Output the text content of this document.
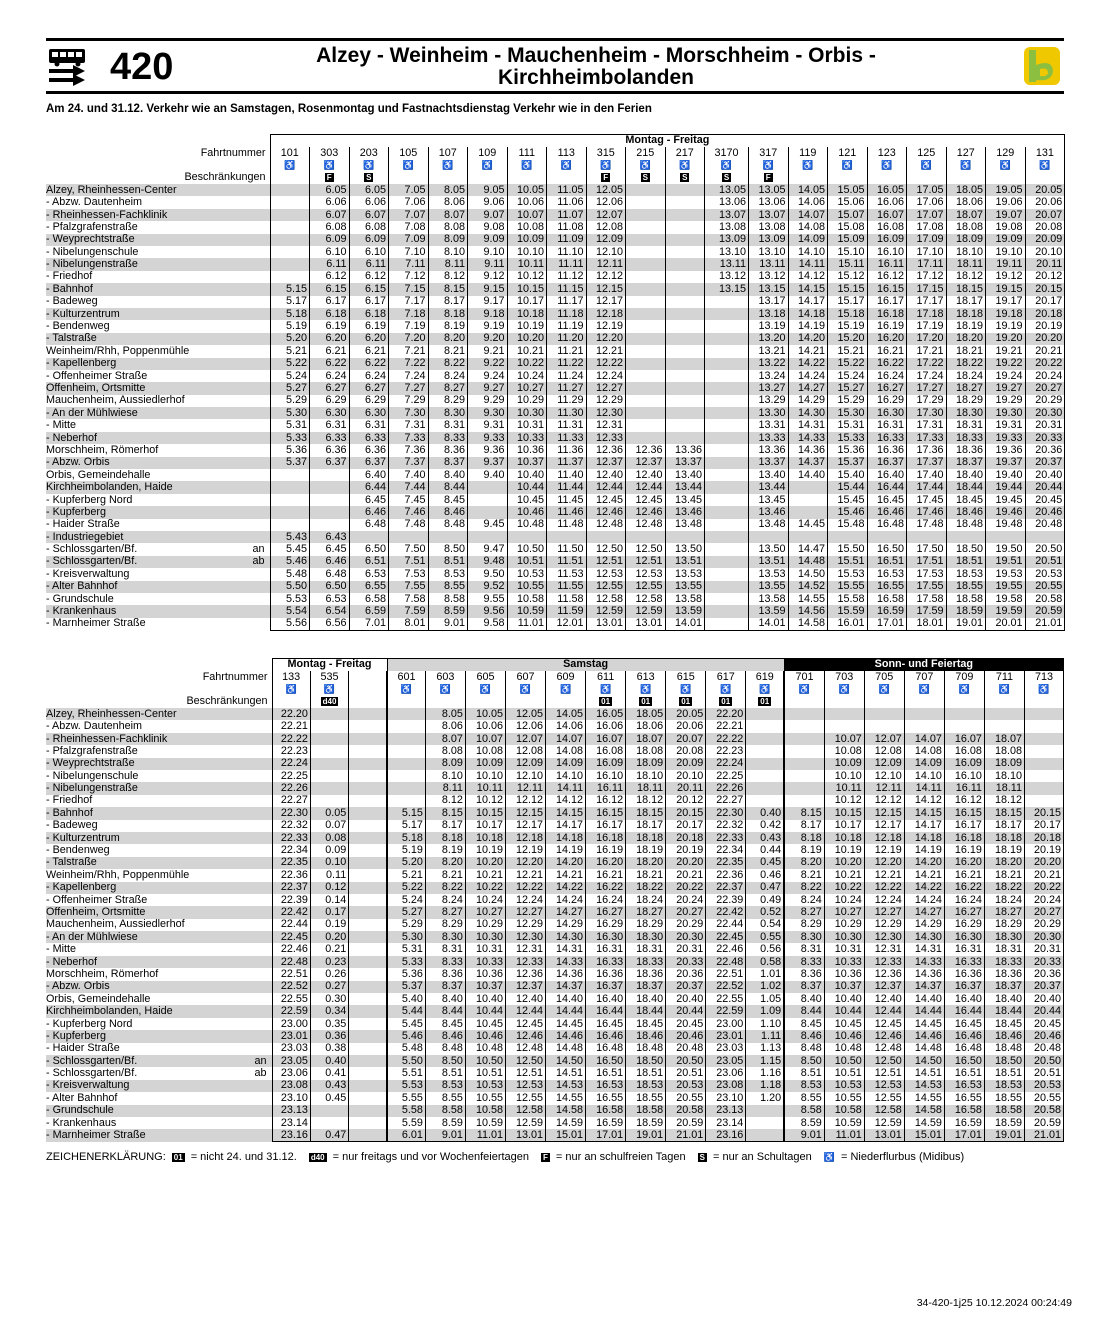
420	Alzey - Weinheim - Mauchenheim - Morschheim - Orbis -
Kirchheimbolanden
Am 24. und 31.12. Verkehr wie an Samstagen, Rosenmontag und Fastnachtsdienstag Verkehr wie in den Ferien
	Montag - Freitag																			
Fahrtnummer	101	303	203	105	107	109	111	113	315	215	217	3170	317	119	121	123	125	127	129	131
	♿	♿	♿	♿	♿	♿	♿	♿	♿	♿	♿	♿	♿	♿	♿	♿	♿	♿	♿	♿
Beschränkungen		F	S						F	S	S	S	F							
Alzey, Rheinhessen-Center		6.05	6.05	7.05	8.05	9.05	10.05	11.05	12.05			13.05	13.05	14.05	15.05	16.05	17.05	18.05	19.05	20.05
- Abzw. Dautenheim		6.06	6.06	7.06	8.06	9.06	10.06	11.06	12.06			13.06	13.06	14.06	15.06	16.06	17.06	18.06	19.06	20.06
- Rheinhessen-Fachklinik		6.07	6.07	7.07	8.07	9.07	10.07	11.07	12.07			13.07	13.07	14.07	15.07	16.07	17.07	18.07	19.07	20.07
- Pfalzgrafenstraße		6.08	6.08	7.08	8.08	9.08	10.08	11.08	12.08			13.08	13.08	14.08	15.08	16.08	17.08	18.08	19.08	20.08
- Weyprechtstraße		6.09	6.09	7.09	8.09	9.09	10.09	11.09	12.09			13.09	13.09	14.09	15.09	16.09	17.09	18.09	19.09	20.09
- Nibelungenschule		6.10	6.10	7.10	8.10	9.10	10.10	11.10	12.10			13.10	13.10	14.10	15.10	16.10	17.10	18.10	19.10	20.10
- Nibelungenstraße		6.11	6.11	7.11	8.11	9.11	10.11	11.11	12.11			13.11	13.11	14.11	15.11	16.11	17.11	18.11	19.11	20.11
- Friedhof		6.12	6.12	7.12	8.12	9.12	10.12	11.12	12.12			13.12	13.12	14.12	15.12	16.12	17.12	18.12	19.12	20.12
- Bahnhof	5.15	6.15	6.15	7.15	8.15	9.15	10.15	11.15	12.15			13.15	13.15	14.15	15.15	16.15	17.15	18.15	19.15	20.15
- Badeweg	5.17	6.17	6.17	7.17	8.17	9.17	10.17	11.17	12.17				13.17	14.17	15.17	16.17	17.17	18.17	19.17	20.17
- Kulturzentrum	5.18	6.18	6.18	7.18	8.18	9.18	10.18	11.18	12.18				13.18	14.18	15.18	16.18	17.18	18.18	19.18	20.18
- Bendenweg	5.19	6.19	6.19	7.19	8.19	9.19	10.19	11.19	12.19				13.19	14.19	15.19	16.19	17.19	18.19	19.19	20.19
- Talstraße	5.20	6.20	6.20	7.20	8.20	9.20	10.20	11.20	12.20				13.20	14.20	15.20	16.20	17.20	18.20	19.20	20.20
Weinheim/Rhh, Poppenmühle	5.21	6.21	6.21	7.21	8.21	9.21	10.21	11.21	12.21				13.21	14.21	15.21	16.21	17.21	18.21	19.21	20.21
- Kapellenberg	5.22	6.22	6.22	7.22	8.22	9.22	10.22	11.22	12.22				13.22	14.22	15.22	16.22	17.22	18.22	19.22	20.22
- Offenheimer Straße	5.24	6.24	6.24	7.24	8.24	9.24	10.24	11.24	12.24				13.24	14.24	15.24	16.24	17.24	18.24	19.24	20.24
Offenheim, Ortsmitte	5.27	6.27	6.27	7.27	8.27	9.27	10.27	11.27	12.27				13.27	14.27	15.27	16.27	17.27	18.27	19.27	20.27
Mauchenheim, Aussiedlerhof	5.29	6.29	6.29	7.29	8.29	9.29	10.29	11.29	12.29				13.29	14.29	15.29	16.29	17.29	18.29	19.29	20.29
- An der Mühlwiese	5.30	6.30	6.30	7.30	8.30	9.30	10.30	11.30	12.30				13.30	14.30	15.30	16.30	17.30	18.30	19.30	20.30
- Mitte	5.31	6.31	6.31	7.31	8.31	9.31	10.31	11.31	12.31				13.31	14.31	15.31	16.31	17.31	18.31	19.31	20.31
- Neberhof	5.33	6.33	6.33	7.33	8.33	9.33	10.33	11.33	12.33				13.33	14.33	15.33	16.33	17.33	18.33	19.33	20.33
Morschheim, Römerhof	5.36	6.36	6.36	7.36	8.36	9.36	10.36	11.36	12.36	12.36	13.36		13.36	14.36	15.36	16.36	17.36	18.36	19.36	20.36
- Abzw. Orbis	5.37	6.37	6.37	7.37	8.37	9.37	10.37	11.37	12.37	12.37	13.37		13.37	14.37	15.37	16.37	17.37	18.37	19.37	20.37
Orbis, Gemeindehalle			6.40	7.40	8.40	9.40	10.40	11.40	12.40	12.40	13.40		13.40	14.40	15.40	16.40	17.40	18.40	19.40	20.40
Kirchheimbolanden, Haide			6.44	7.44	8.44		10.44	11.44	12.44	12.44	13.44		13.44		15.44	16.44	17.44	18.44	19.44	20.44
- Kupferberg Nord			6.45	7.45	8.45		10.45	11.45	12.45	12.45	13.45		13.45		15.45	16.45	17.45	18.45	19.45	20.45
- Kupferberg			6.46	7.46	8.46		10.46	11.46	12.46	12.46	13.46		13.46		15.46	16.46	17.46	18.46	19.46	20.46
- Haider Straße			6.48	7.48	8.48	9.45	10.48	11.48	12.48	12.48	13.48		13.48	14.45	15.48	16.48	17.48	18.48	19.48	20.48
- Industriegebiet	5.43	6.43																		
- Schlossgarten/Bf. an	5.45	6.45	6.50	7.50	8.50	9.47	10.50	11.50	12.50	12.50	13.50		13.50	14.47	15.50	16.50	17.50	18.50	19.50	20.50
- Schlossgarten/Bf. ab	5.46	6.46	6.51	7.51	8.51	9.48	10.51	11.51	12.51	12.51	13.51		13.51	14.48	15.51	16.51	17.51	18.51	19.51	20.51
- Kreisverwaltung	5.48	6.48	6.53	7.53	8.53	9.50	10.53	11.53	12.53	12.53	13.53		13.53	14.50	15.53	16.53	17.53	18.53	19.53	20.53
- Alter Bahnhof	5.50	6.50	6.55	7.55	8.55	9.52	10.55	11.55	12.55	12.55	13.55		13.55	14.52	15.55	16.55	17.55	18.55	19.55	20.55
- Grundschule	5.53	6.53	6.58	7.58	8.58	9.55	10.58	11.58	12.58	12.58	13.58		13.58	14.55	15.58	16.58	17.58	18.58	19.58	20.58
- Krankenhaus	5.54	6.54	6.59	7.59	8.59	9.56	10.59	11.59	12.59	12.59	13.59		13.59	14.56	15.59	16.59	17.59	18.59	19.59	20.59
- Marnheimer Straße	5.56	6.56	7.01	8.01	9.01	9.58	11.01	12.01	13.01	13.01	14.01		14.01	14.58	16.01	17.01	18.01	19.01	20.01	21.01
	Montag - Freitag			Samstag										Sonn- und Feiertag						
Fahrtnummer	133	535		601	603	605	607	609	611	613	615	617	619	701	703	705	707	709	711	713
	♿	♿		♿	♿	♿	♿	♿	♿	♿	♿	♿	♿	♿	♿	♿	♿	♿	♿	♿
Beschränkungen		d40							01	01	01	01	01							
Alzey, Rheinhessen-Center	22.20				8.05	10.05	12.05	14.05	16.05	18.05	20.05	22.20								
- Abzw. Dautenheim	22.21				8.06	10.06	12.06	14.06	16.06	18.06	20.06	22.21								
- Rheinhessen-Fachklinik	22.22				8.07	10.07	12.07	14.07	16.07	18.07	20.07	22.22			10.07	12.07	14.07	16.07	18.07	
- Pfalzgrafenstraße	22.23				8.08	10.08	12.08	14.08	16.08	18.08	20.08	22.23			10.08	12.08	14.08	16.08	18.08	
- Weyprechtstraße	22.24				8.09	10.09	12.09	14.09	16.09	18.09	20.09	22.24			10.09	12.09	14.09	16.09	18.09	
- Nibelungenschule	22.25				8.10	10.10	12.10	14.10	16.10	18.10	20.10	22.25			10.10	12.10	14.10	16.10	18.10	
- Nibelungenstraße	22.26				8.11	10.11	12.11	14.11	16.11	18.11	20.11	22.26			10.11	12.11	14.11	16.11	18.11	
- Friedhof	22.27				8.12	10.12	12.12	14.12	16.12	18.12	20.12	22.27			10.12	12.12	14.12	16.12	18.12	
- Bahnhof	22.30	0.05		5.15	8.15	10.15	12.15	14.15	16.15	18.15	20.15	22.30	0.40	8.15	10.15	12.15	14.15	16.15	18.15	20.15
- Badeweg	22.32	0.07		5.17	8.17	10.17	12.17	14.17	16.17	18.17	20.17	22.32	0.42	8.17	10.17	12.17	14.17	16.17	18.17	20.17
- Kulturzentrum	22.33	0.08		5.18	8.18	10.18	12.18	14.18	16.18	18.18	20.18	22.33	0.43	8.18	10.18	12.18	14.18	16.18	18.18	20.18
- Bendenweg	22.34	0.09		5.19	8.19	10.19	12.19	14.19	16.19	18.19	20.19	22.34	0.44	8.19	10.19	12.19	14.19	16.19	18.19	20.19
- Talstraße	22.35	0.10		5.20	8.20	10.20	12.20	14.20	16.20	18.20	20.20	22.35	0.45	8.20	10.20	12.20	14.20	16.20	18.20	20.20
Weinheim/Rhh, Poppenmühle	22.36	0.11		5.21	8.21	10.21	12.21	14.21	16.21	18.21	20.21	22.36	0.46	8.21	10.21	12.21	14.21	16.21	18.21	20.21
- Kapellenberg	22.37	0.12		5.22	8.22	10.22	12.22	14.22	16.22	18.22	20.22	22.37	0.47	8.22	10.22	12.22	14.22	16.22	18.22	20.22
- Offenheimer Straße	22.39	0.14		5.24	8.24	10.24	12.24	14.24	16.24	18.24	20.24	22.39	0.49	8.24	10.24	12.24	14.24	16.24	18.24	20.24
Offenheim, Ortsmitte	22.42	0.17		5.27	8.27	10.27	12.27	14.27	16.27	18.27	20.27	22.42	0.52	8.27	10.27	12.27	14.27	16.27	18.27	20.27
Mauchenheim, Aussiedlerhof	22.44	0.19		5.29	8.29	10.29	12.29	14.29	16.29	18.29	20.29	22.44	0.54	8.29	10.29	12.29	14.29	16.29	18.29	20.29
- An der Mühlwiese	22.45	0.20		5.30	8.30	10.30	12.30	14.30	16.30	18.30	20.30	22.45	0.55	8.30	10.30	12.30	14.30	16.30	18.30	20.30
- Mitte	22.46	0.21		5.31	8.31	10.31	12.31	14.31	16.31	18.31	20.31	22.46	0.56	8.31	10.31	12.31	14.31	16.31	18.31	20.31
- Neberhof	22.48	0.23		5.33	8.33	10.33	12.33	14.33	16.33	18.33	20.33	22.48	0.58	8.33	10.33	12.33	14.33	16.33	18.33	20.33
Morschheim, Römerhof	22.51	0.26		5.36	8.36	10.36	12.36	14.36	16.36	18.36	20.36	22.51	1.01	8.36	10.36	12.36	14.36	16.36	18.36	20.36
- Abzw. Orbis	22.52	0.27		5.37	8.37	10.37	12.37	14.37	16.37	18.37	20.37	22.52	1.02	8.37	10.37	12.37	14.37	16.37	18.37	20.37
Orbis, Gemeindehalle	22.55	0.30		5.40	8.40	10.40	12.40	14.40	16.40	18.40	20.40	22.55	1.05	8.40	10.40	12.40	14.40	16.40	18.40	20.40
Kirchheimbolanden, Haide	22.59	0.34		5.44	8.44	10.44	12.44	14.44	16.44	18.44	20.44	22.59	1.09	8.44	10.44	12.44	14.44	16.44	18.44	20.44
- Kupferberg Nord	23.00	0.35		5.45	8.45	10.45	12.45	14.45	16.45	18.45	20.45	23.00	1.10	8.45	10.45	12.45	14.45	16.45	18.45	20.45
- Kupferberg	23.01	0.36		5.46	8.46	10.46	12.46	14.46	16.46	18.46	20.46	23.01	1.11	8.46	10.46	12.46	14.46	16.46	18.46	20.46
- Haider Straße	23.03	0.38		5.48	8.48	10.48	12.48	14.48	16.48	18.48	20.48	23.03	1.13	8.48	10.48	12.48	14.48	16.48	18.48	20.48
- Schlossgarten/Bf. an	23.05	0.40		5.50	8.50	10.50	12.50	14.50	16.50	18.50	20.50	23.05	1.15	8.50	10.50	12.50	14.50	16.50	18.50	20.50
- Schlossgarten/Bf. ab	23.06	0.41		5.51	8.51	10.51	12.51	14.51	16.51	18.51	20.51	23.06	1.16	8.51	10.51	12.51	14.51	16.51	18.51	20.51
- Kreisverwaltung	23.08	0.43		5.53	8.53	10.53	12.53	14.53	16.53	18.53	20.53	23.08	1.18	8.53	10.53	12.53	14.53	16.53	18.53	20.53
- Alter Bahnhof	23.10	0.45		5.55	8.55	10.55	12.55	14.55	16.55	18.55	20.55	23.10	1.20	8.55	10.55	12.55	14.55	16.55	18.55	20.55
- Grundschule	23.13			5.58	8.58	10.58	12.58	14.58	16.58	18.58	20.58	23.13		8.58	10.58	12.58	14.58	16.58	18.58	20.58
- Krankenhaus	23.14			5.59	8.59	10.59	12.59	14.59	16.59	18.59	20.59	23.14		8.59	10.59	12.59	14.59	16.59	18.59	20.59
- Marnheimer Straße	23.16	0.47		6.01	9.01	11.01	13.01	15.01	17.01	19.01	21.01	23.16		9.01	11.01	13.01	15.01	17.01	19.01	21.01
ZEICHENERKLÄRUNG: 01 = nicht 24. und 31.12. d40 = nur freitags und vor Wochenfeiertagen F = nur an schulfreien Tagen S = nur an Schultagen ♿ = Niederflurbus (Midibus)
34-420-1j25 10.12.2024 00:24:49
